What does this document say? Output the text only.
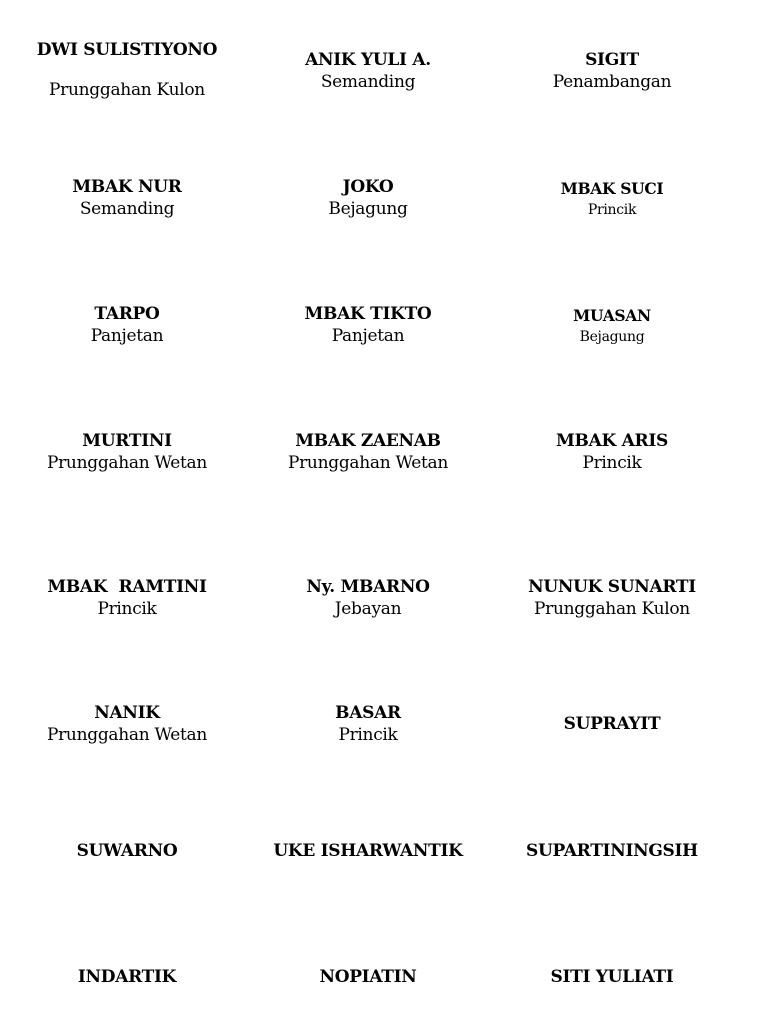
DWI SULISTIYONO
Prunggahan Kulon
ANIK YULI A.
Semanding
SIGIT
Penambangan
MBAK NUR
Semanding
JOKO
Bejagung
MBAK SUCI
Princik
TARPO
Panjetan
MBAK TIKTO
Panjetan
MUASAN
Bejagung
MURTINI
Prunggahan Wetan
MBAK ZAENAB
Prunggahan Wetan
MBAK ARIS
Princik
MBAK  RAMTINI
Princik
Ny. MBARNO
Jebayan
NUNUK SUNARTI
Prunggahan Kulon
NANIK
Prunggahan Wetan
BASAR
Princik
SUPRAYIT
SUWARNO	UKE ISHARWANTIK	SUPARTININGSIH
INDARTIK	NOPIATIN	SITI YULIATI
